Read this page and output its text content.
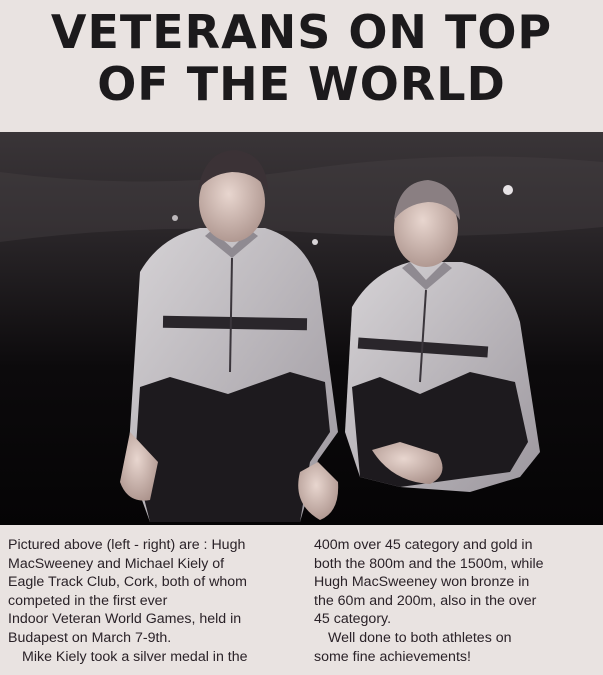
VETERANS ON TOP
OF THE WORLD

Pictured above (left - right) are : Hugh
MacSweeney and Michael Kiely of
Eagle Track Club, Cork, both of whom
competed in the first ever
Indoor Veteran World Games, held in
Budapest on March 7-9th.

Mike Kiely took a silver medal in the

400m over 45 category and gold in
both the 800m and the 1500m, while
Hugh MacSweeney won bronze in
the 60m and 200m, also in the over
45 category.

Well done to both athletes on
some fine achievements!
